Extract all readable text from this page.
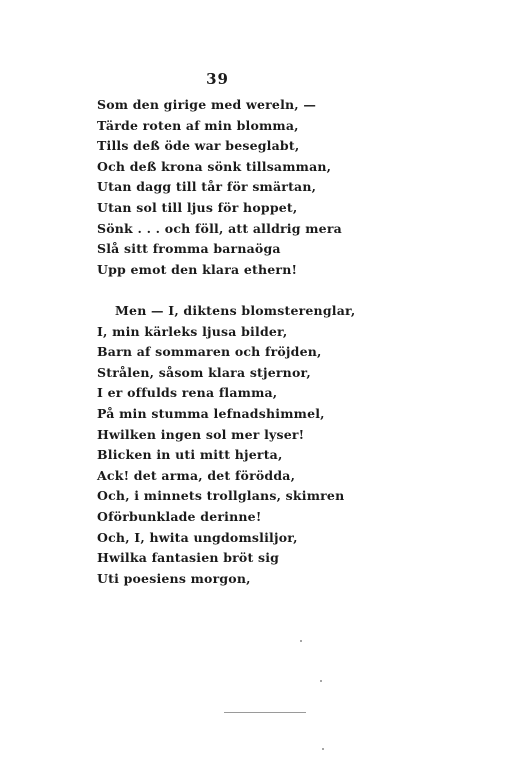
39
Som den girige med wereln, —
Tärde roten af min blomma,
Tills deß öde war beseglabt,
Och deß krona sönk tillsamman,
Utan dagg till tår för smärtan,
Utan sol till ljus för hoppet,
Sönk . . . och föll, att alldrig mera
Slå sitt fromma barnaöga
Upp emot den klara ethern!
Men — I, diktens blomsterenglar,
I, min kärleks ljusa bilder,
Barn af sommaren och fröjden,
Strålen, såsom klara stjernor,
I er offulds rena flamma,
På min stumma lefnadshimmel,
Hwilken ingen sol mer lyser!
Blicken in uti mitt hjerta,
Ack! det arma, det förödda,
Och, i minnets trollglans, skimren
Oförbunklade derinne!
Och, I, hwita ungdomsliljor,
Hwilka fantasien bröt sig
Uti poesiens morgon,
